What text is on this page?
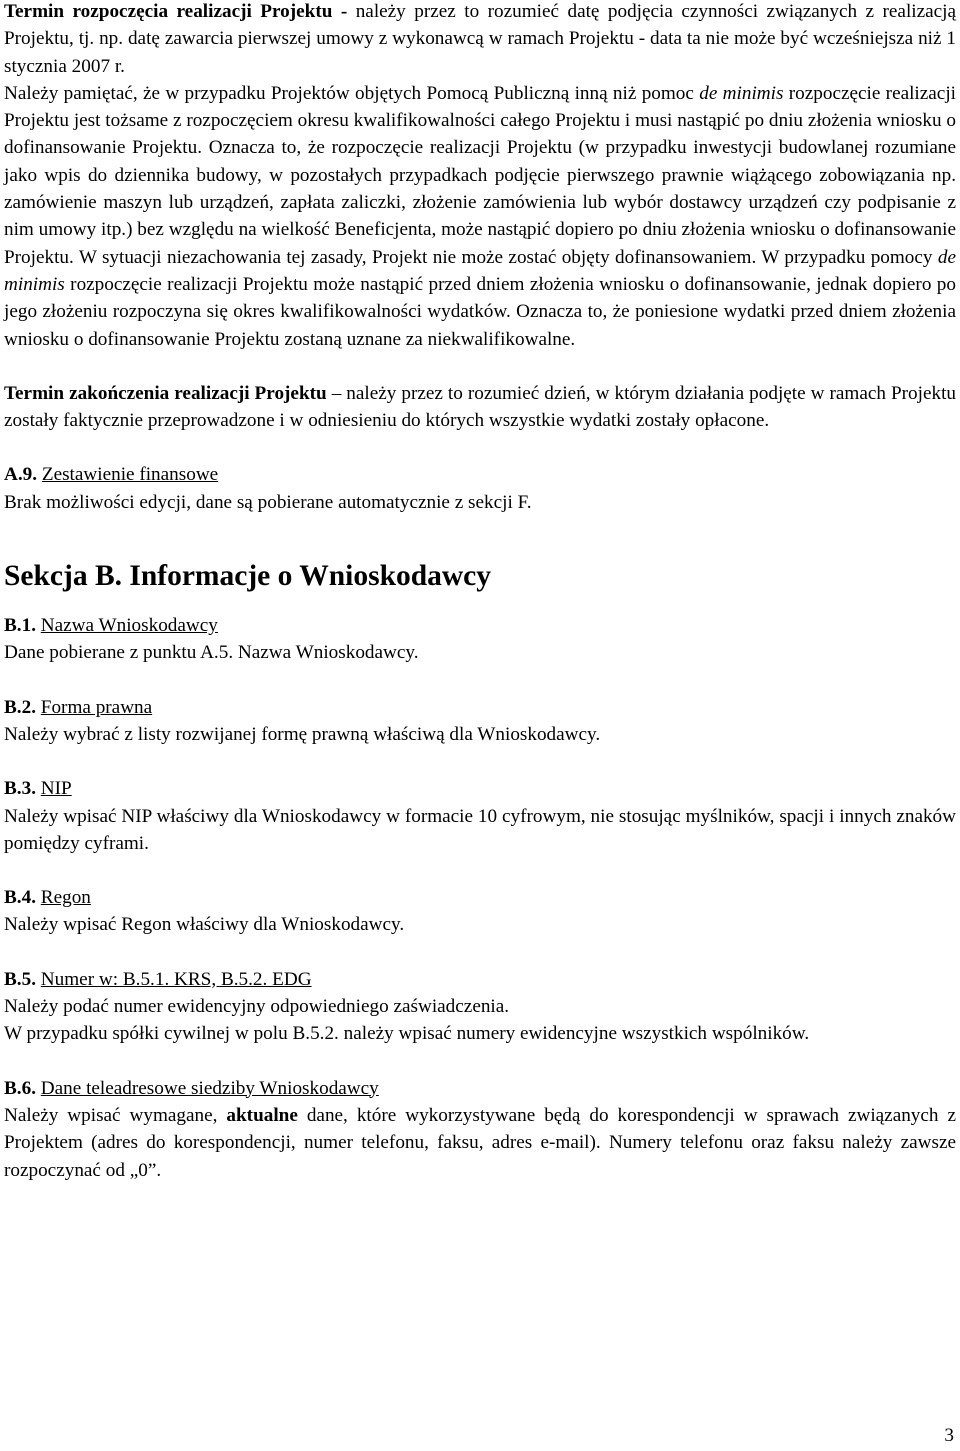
Termin rozpoczęcia realizacji Projektu - należy przez to rozumieć datę podjęcia czynności związanych z realizacją Projektu, tj. np. datę zawarcia pierwszej umowy z wykonawcą w ramach Projektu - data ta nie może być wcześniejsza niż 1 stycznia 2007 r.

Należy pamiętać, że w przypadku Projektów objętych Pomocą Publiczną inną niż pomoc de minimis rozpoczęcie realizacji Projektu jest tożsame z rozpoczęciem okresu kwalifikowalności całego Projektu i musi nastąpić po dniu złożenia wniosku o dofinansowanie Projektu. Oznacza to, że rozpoczęcie realizacji Projektu (w przypadku inwestycji budowlanej rozumiane jako wpis do dziennika budowy, w pozostałych przypadkach podjęcie pierwszego prawnie wiążącego zobowiązania np. zamówienie maszyn lub urządzeń, zapłata zaliczki, złożenie zamówienia lub wybór dostawcy urządzeń czy podpisanie z nim umowy itp.) bez względu na wielkość Beneficjenta, może nastąpić dopiero po dniu złożenia wniosku o dofinansowanie Projektu. W sytuacji niezachowania tej zasady, Projekt nie może zostać objęty dofinansowaniem. W przypadku pomocy de minimis rozpoczęcie realizacji Projektu może nastąpić przed dniem złożenia wniosku o dofinansowanie, jednak dopiero po jego złożeniu rozpoczyna się okres kwalifikowalności wydatków. Oznacza to, że poniesione wydatki przed dniem złożenia wniosku o dofinansowanie Projektu zostaną uznane za niekwalifikowalne.

Termin zakończenia realizacji Projektu – należy przez to rozumieć dzień, w którym działania podjęte w ramach Projektu zostały faktycznie przeprowadzone i w odniesieniu do których wszystkie wydatki zostały opłacone.

A.9. Zestawienie finansowe

Brak możliwości edycji, dane są pobierane automatycznie z sekcji F.

Sekcja B. Informacje o Wnioskodawcy

B.1. Nazwa Wnioskodawcy

Dane pobierane z punktu A.5. Nazwa Wnioskodawcy.

B.2. Forma prawna

Należy wybrać z listy rozwijanej formę prawną właściwą dla Wnioskodawcy.

B.3. NIP

Należy wpisać NIP właściwy dla Wnioskodawcy w formacie 10 cyfrowym, nie stosując myślników, spacji i innych znaków pomiędzy cyframi.

B.4. Regon

Należy wpisać Regon właściwy dla Wnioskodawcy.

B.5. Numer w: B.5.1. KRS, B.5.2. EDG

Należy podać numer ewidencyjny odpowiedniego zaświadczenia.

W przypadku spółki cywilnej w polu B.5.2. należy wpisać numery ewidencyjne wszystkich wspólników.

B.6. Dane teleadresowe siedziby Wnioskodawcy

Należy wpisać wymagane, aktualne dane, które wykorzystywane będą do korespondencji w sprawach związanych z Projektem (adres do korespondencji, numer telefonu, faksu, adres e-mail). Numery telefonu oraz faksu należy zawsze rozpoczynać od „0”.

3
